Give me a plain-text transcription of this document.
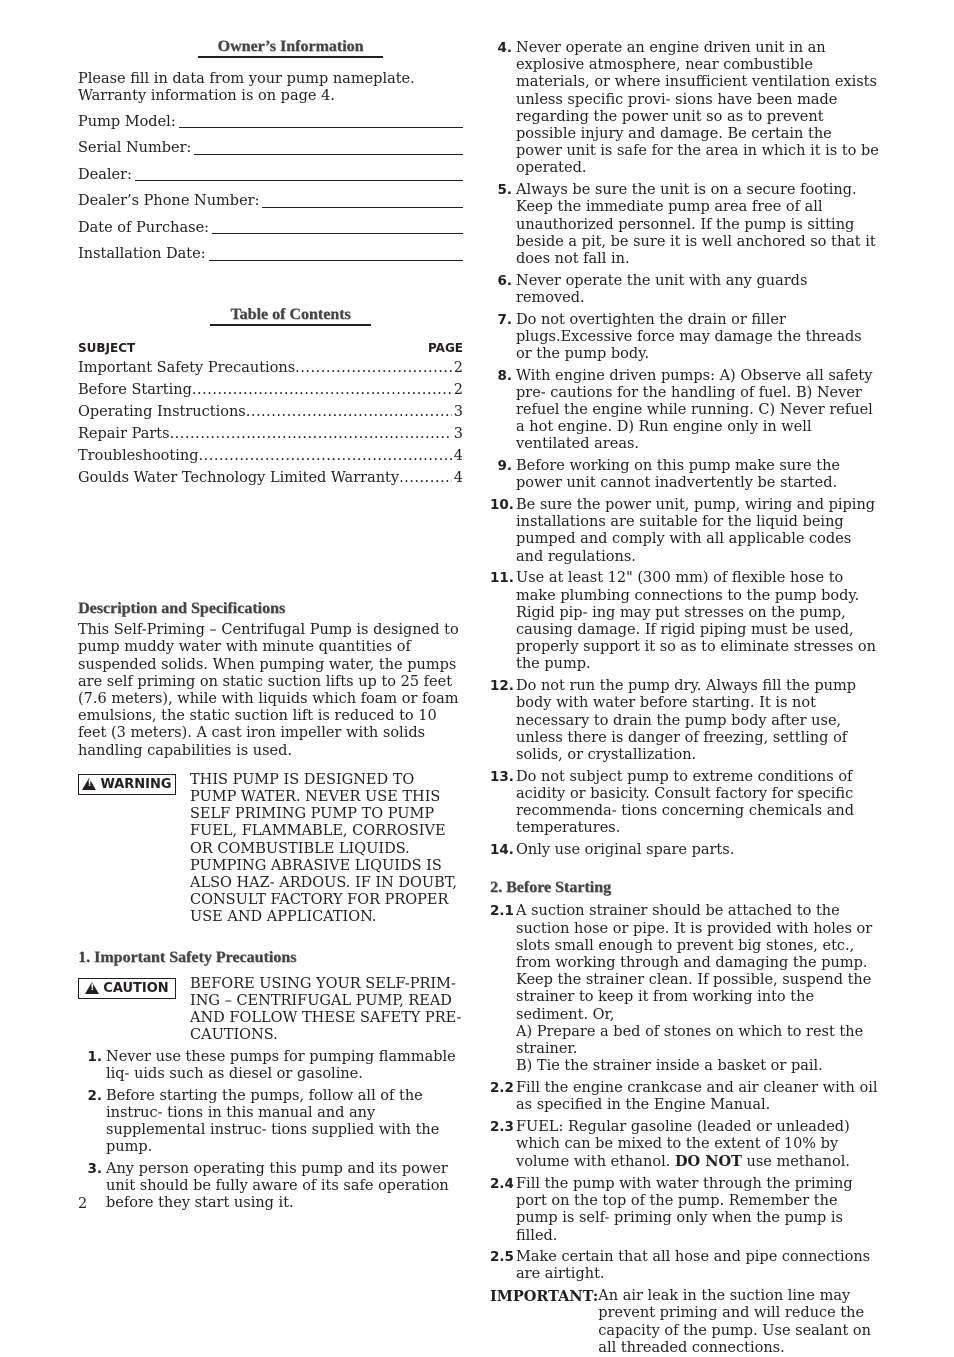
Owner’s Information
Please fill in data from your pump nameplate.
Warranty information is on page 4.
Pump Model:
Serial Number:
Dealer:
Dealer’s Phone Number:
Date of Purchase:
Installation Date:
Table of Contents
SUBJECT	PAGE
Important Safety Precautions .....	2
Before Starting .....	2
Operating Instructions .....	3
Repair Parts .....	3
Troubleshooting .....	4
Goulds Water Technology Limited Warranty .....	4
Description and Specifications
This Self-Priming – Centrifugal Pump is designed to pump muddy water with minute quantities of suspended solids. When pumping water, the pumps are self priming on static suction lifts up to 25 feet (7.6 meters), while with liquids which foam or foam emulsions, the static suction lift is reduced to 10 feet (3 meters). A cast iron impeller with solids handling capabilities is used.
!
WARNING THIS PUMP IS DESIGNED TO PUMP WATER. NEVER USE THIS SELF PRIMING PUMP TO PUMP FUEL, FLAMMABLE, CORROSIVE OR COMBUSTIBLE LIQUIDS. PUMPING ABRASIVE LIQUIDS IS ALSO HAZ- ARDOUS. IF IN DOUBT, CONSULT FACTORY FOR PROPER USE AND APPLICATION.
1. Important Safety Precautions
!
CAUTION BEFORE USING YOUR SELF-PRIM- ING – CENTRIFUGAL PUMP, READ AND FOLLOW THESE SAFETY PRE- CAUTIONS.
1. Never use these pumps for pumping flammable liq- uids such as diesel or gasoline.
2. Before starting the pumps, follow all of the instruc- tions in this manual and any supplemental instruc- tions supplied with the pump.
3. Any person operating this pump and its power unit should be fully aware of its safe operation before they start using it.
4. Never operate an engine driven unit in an explosive atmosphere, near combustible materials, or where insufficient ventilation exists unless specific provi- sions have been made regarding the power unit so as to prevent possible injury and damage. Be certain the power unit is safe for the area in which it is to be operated.
5. Always be sure the unit is on a secure footing. Keep the immediate pump area free of all unauthorized personnel. If the pump is sitting beside a pit, be sure it is well anchored so that it does not fall in.
6. Never operate the unit with any guards removed.
7. Do not overtighten the drain or filler plugs.Excessive force may damage the threads or the pump body.
8. With engine driven pumps: A) Observe all safety pre- cautions for the handling of fuel. B) Never refuel the engine while running. C) Never refuel a hot engine. D) Run engine only in well ventilated areas.
9. Before working on this pump make sure the power unit cannot inadvertently be started.
10. Be sure the power unit, pump, wiring and piping installations are suitable for the liquid being pumped and comply with all applicable codes and regulations.
11. Use at least 12" (300 mm) of flexible hose to make plumbing connections to the pump body. Rigid pip- ing may put stresses on the pump, causing damage. If rigid piping must be used, properly support it so as to eliminate stresses on the pump.
12. Do not run the pump dry. Always fill the pump body with water before starting. It is not necessary to drain the pump body after use, unless there is danger of freezing, settling of solids, or crystallization.
13. Do not subject pump to extreme conditions of acidity or basicity. Consult factory for specific recommenda- tions concerning chemicals and temperatures.
14. Only use original spare parts.
2. Before Starting
2.1 A suction strainer should be attached to the suction hose or pipe. It is provided with holes or slots small enough to prevent big stones, etc., from working through and damaging the pump. Keep the strainer clean. If possible, suspend the strainer to keep it from working into the sediment. Or,
A) Prepare a bed of stones on which to rest the strainer.
B) Tie the strainer inside a basket or pail.
2.2 Fill the engine crankcase and air cleaner with oil as specified in the Engine Manual.
2.3 FUEL: Regular gasoline (leaded or unleaded) which can be mixed to the extent of 10% by volume with ethanol. DO NOT use methanol.
2.4 Fill the pump with water through the priming port on the top of the pump. Remember the pump is self- priming only when the pump is filled.
2.5 Make certain that all hose and pipe connections are airtight.
IMPORTANT: An air leak in the suction line may prevent priming and will reduce the capacity of the pump. Use sealant on all threaded connections.
2
